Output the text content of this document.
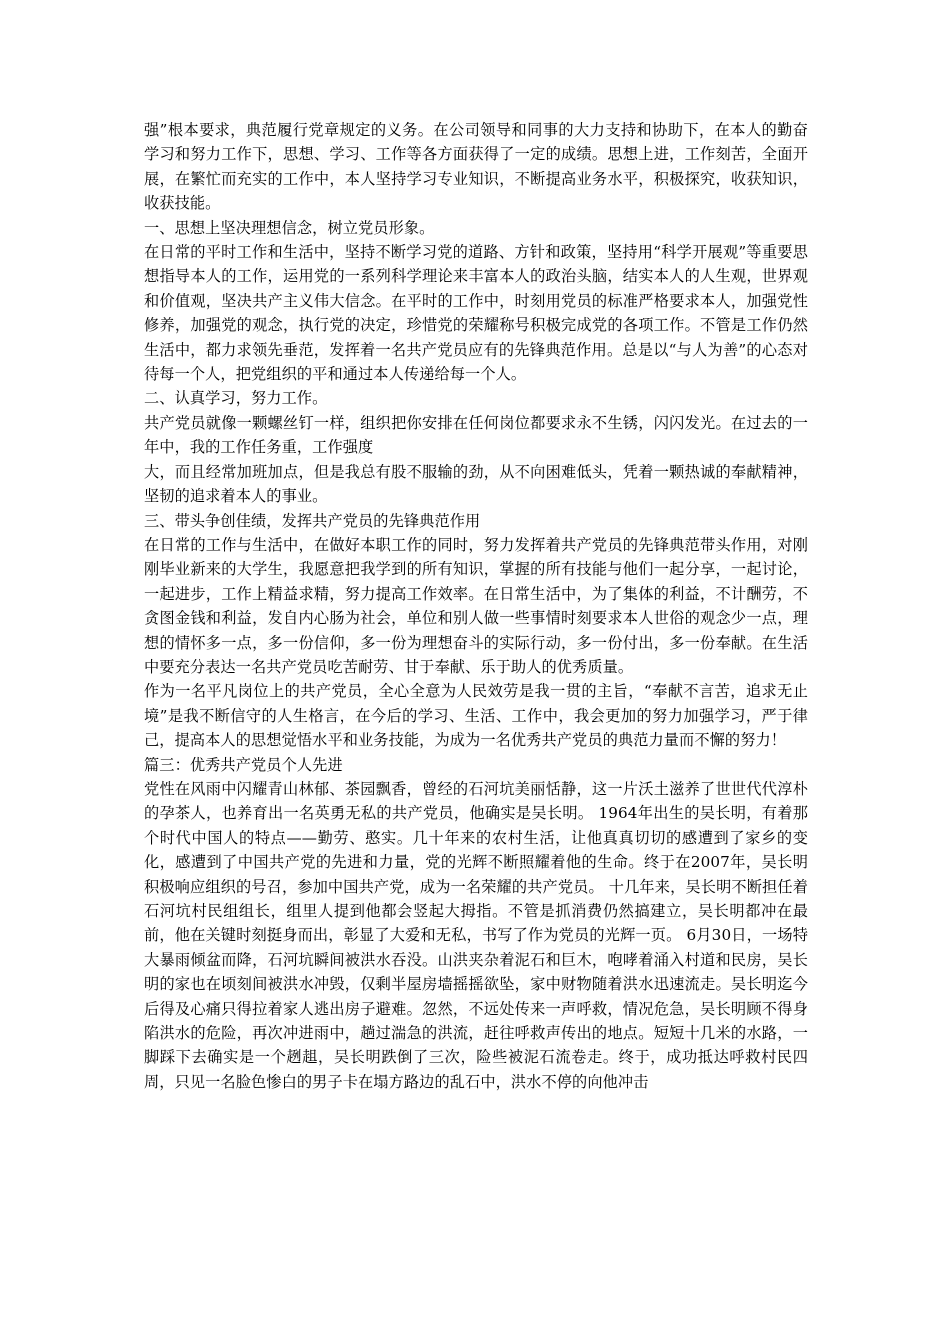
强”根本要求，典范履行党章规定的义务。在公司领导和同事的大力支持和协助下，在本人的勤奋学习和努力工作下，思想、学习、工作等各方面获得了一定的成绩。思想上进，工作刻苦，全面开展，在繁忙而充实的工作中，本人坚持学习专业知识，不断提高业务水平，积极探究，收获知识，收获技能。

一、思想上坚决理想信念，树立党员形象。

在日常的平时工作和生活中，坚持不断学习党的道路、方针和政策，坚持用“科学开展观”等重要思想指导本人的工作，运用党的一系列科学理论来丰富本人的政治头脑，结实本人的人生观，世界观和价值观，坚决共产主义伟大信念。在平时的工作中，时刻用党员的标准严格要求本人，加强党性修养，加强党的观念，执行党的决定，珍惜党的荣耀称号积极完成党的各项工作。不管是工作仍然生活中，都力求领先垂范，发挥着一名共产党员应有的先锋典范作用。总是以“与人为善”的心态对待每一个人，把党组织的平和通过本人传递给每一个人。

二、认真学习，努力工作。

共产党员就像一颗螺丝钉一样，组织把你安排在任何岗位都要求永不生锈，闪闪发光。在过去的一年中，我的工作任务重，工作强度

大，而且经常加班加点，但是我总有股不服输的劲，从不向困难低头，凭着一颗热诚的奉献精神，坚韧的追求着本人的事业。

三、带头争创佳绩，发挥共产党员的先锋典范作用

在日常的工作与生活中，在做好本职工作的同时，努力发挥着共产党员的先锋典范带头作用，对刚刚毕业新来的大学生，我愿意把我学到的所有知识，掌握的所有技能与他们一起分享，一起讨论，一起进步，工作上精益求精，努力提高工作效率。在日常生活中，为了集体的利益，不计酬劳，不贪图金钱和利益，发自内心肠为社会，单位和别人做一些事情时刻要求本人世俗的观念少一点，理想的情怀多一点，多一份信仰，多一份为理想奋斗的实际行动，多一份付出，多一份奉献。在生活中要充分表达一名共产党员吃苦耐劳、甘于奉献、乐于助人的优秀质量。

作为一名平凡岗位上的共产党员，全心全意为人民效劳是我一贯的主旨，“奉献不言苦，追求无止境”是我不断信守的人生格言，在今后的学习、生活、工作中，我会更加的努力加强学习，严于律己，提高本人的思想觉悟水平和业务技能，为成为一名优秀共产党员的典范力量而不懈的努力！

篇三：优秀共产党员个人先进

党性在风雨中闪耀青山林郁、茶园飘香，曾经的石河坑美丽恬静，这一片沃土滋养了世世代代淳朴的孕茶人，也养育出一名英勇无私的共产党员，他确实是吴长明。 1964年出生的吴长明，有着那个时代中国人的特点——勤劳、憨实。几十年来的农村生活，让他真真切切的感遭到了家乡的变化，感遭到了中国共产党的先进和力量，党的光辉不断照耀着他的生命。终于在2007年，吴长明积极响应组织的号召，参加中国共产党，成为一名荣耀的共产党员。 十几年来，吴长明不断担任着石河坑村民组组长，组里人提到他都会竖起大拇指。不管是抓消费仍然搞建立，吴长明都冲在最前，他在关键时刻挺身而出，彰显了大爱和无私，书写了作为党员的光辉一页。 6月30日，一场特大暴雨倾盆而降，石河坑瞬间被洪水吞没。山洪夹杂着泥石和巨木，咆哮着涌入村道和民房，吴长明的家也在顷刻间被洪水冲毁，仅剩半屋房墙摇摇欲坠，家中财物随着洪水迅速流走。吴长明迄今后得及心痛只得拉着家人逃出房子避难。忽然，不远处传来一声呼救，情况危急，吴长明顾不得身陷洪水的危险，再次冲进雨中，趟过湍急的洪流，赶往呼救声传出的地点。短短十几米的水路，一脚踩下去确实是一个趔趄，吴长明跌倒了三次，险些被泥石流卷走。终于，成功抵达呼救村民四周，只见一名脸色惨白的男子卡在塌方路边的乱石中，洪水不停的向他冲击
